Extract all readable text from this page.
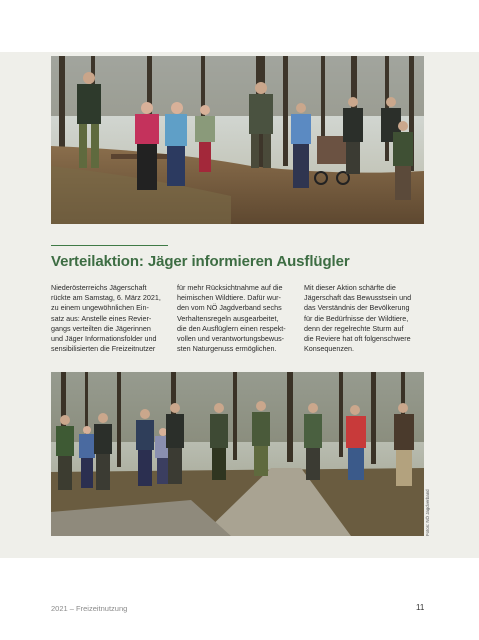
Verteilaktion: Jäger informieren Ausflügler

Niederösterreichs Jägerschaft

rückte am Samstag, 6. März 2021,

zu einem ungewöhnlichen Ein-

satz aus: Anstelle eines Revier-

gangs verteilten die Jägerinnen

und Jäger Informationsfolder und

sensibilisierten die Freizeitnutzer

für mehr Rücksichtnahme auf die

heimischen Wildtiere. Dafür wur-

den vom NÖ Jagdverband sechs

Verhaltensregeln ausgearbeitet,

die den Ausflüglern einen respekt-

vollen und verantwortungsbewus-

sten Naturgenuss ermöglichen.

Mit dieser Aktion schärfte die

Jägerschaft das Bewusstsein und

das Verständnis der Bevölkerung

für die Bedürfnisse der Wildtiere,

denn der regelrechte Sturm auf

die Reviere hat oft folgenschwere

Konsequenzen.

Fotos: NÖ Jagdverband
2021 – Freizeitnutzung	11
